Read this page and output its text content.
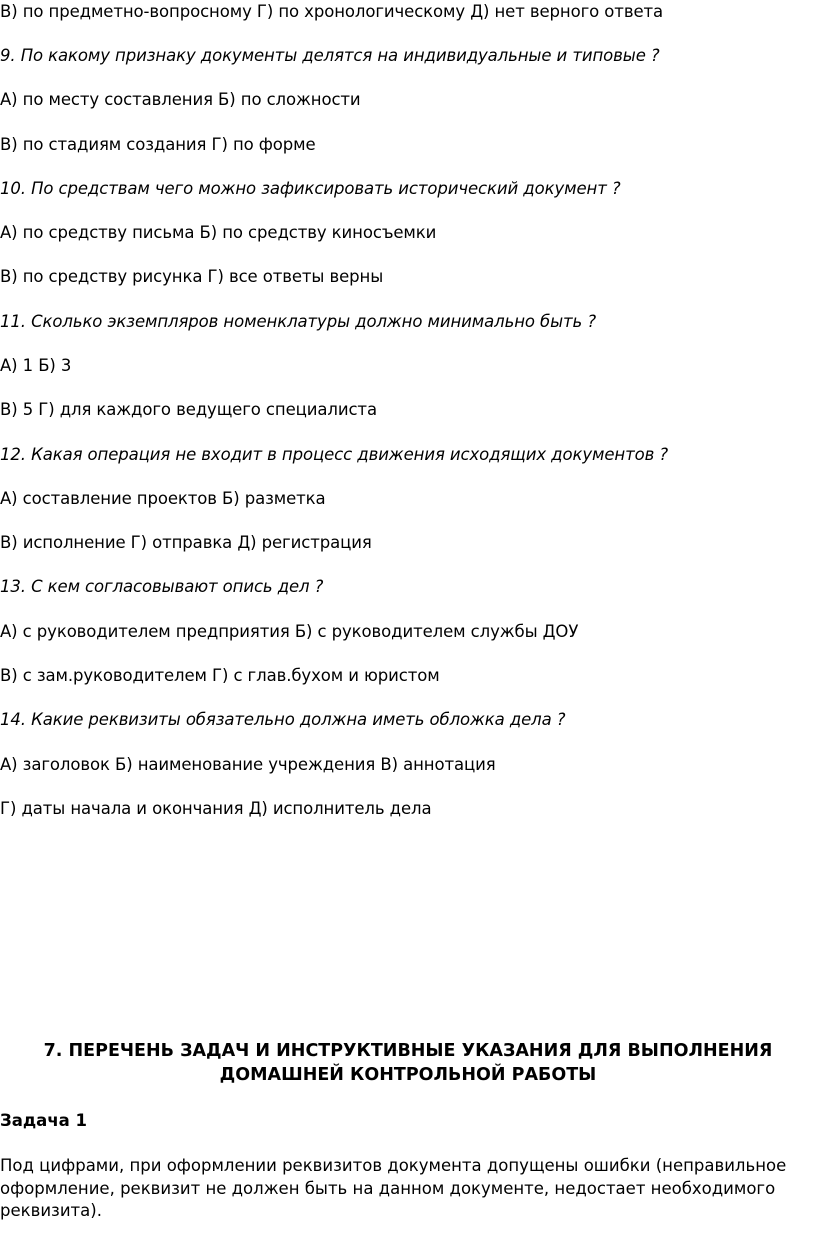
В) по предметно-вопросному Г) по хронологическому Д) нет верного ответа
9. По какому признаку документы делятся на индивидуальные и типовые ?
А) по месту составления Б) по сложности
В) по стадиям создания Г) по форме
10. По средствам чего можно зафиксировать исторический документ ?
А) по средству письма Б) по средству киносъемки
В) по средству рисунка Г) все ответы верны
11. Сколько экземпляров номенклатуры должно минимально быть ?
А) 1 Б) 3
В) 5 Г) для каждого ведущего специалиста
12. Какая операция не входит в процесс движения исходящих документов ?
А) составление проектов Б) разметка
В) исполнение Г) отправка Д) регистрация
13. С кем согласовывают опись дел ?
А) с руководителем предприятия Б) с руководителем службы ДОУ
В) с зам.руководителем Г) с глав.бухом и юристом
14. Какие реквизиты обязательно должна иметь обложка дела ?
А) заголовок Б) наименование учреждения В) аннотация
Г) даты начала и окончания Д) исполнитель дела
7. ПЕРЕЧЕНЬ ЗАДАЧ И ИНСТРУКТИВНЫЕ УКАЗАНИЯ ДЛЯ ВЫПОЛНЕНИЯ
ДОМАШНЕЙ КОНТРОЛЬНОЙ РАБОТЫ
Задача 1
Под цифрами, при оформлении реквизитов документа допущены ошибки (неправильное оформление, реквизит не должен быть на данном документе, недостает необходимого реквизита).
